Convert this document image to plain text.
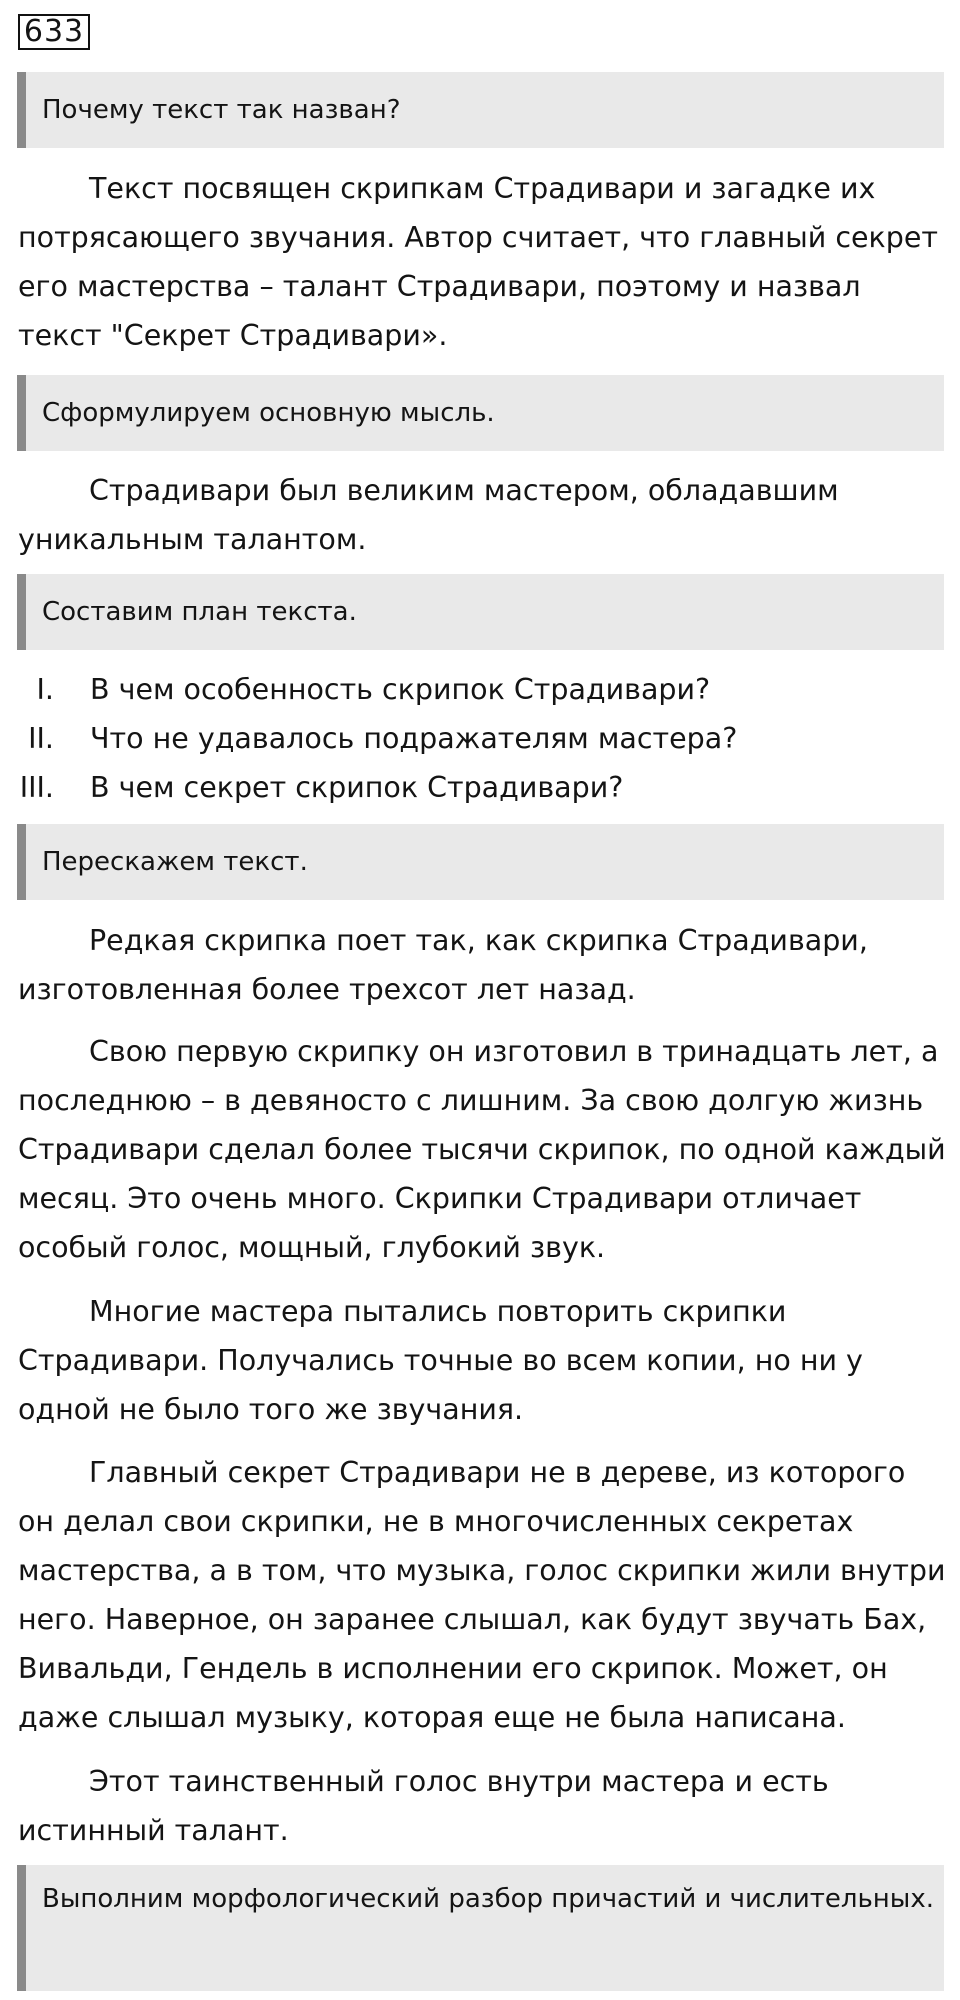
633
Почему текст так назван?

Текст посвящен скрипкам Страдивари и загадке их потрясающего звучания. Автор считает, что главный секрет его мастерства – талант Страдивари, поэтому и назвал текст "Секрет Страдивари».

Сформулируем основную мысль.

Страдивари был великим мастером, обладавшим уникальным талантом.

Составим план текста.
I.	В чем особенность скрипок Страдивари?
II.	Что не удавалось подражателям мастера?
III.	В чем секрет скрипок Страдивари?
Перескажем текст.

Редкая скрипка поет так, как скрипка Страдивари, изготовленная более трехсот лет назад.

Свою первую скрипку он изготовил в тринадцать лет, а последнюю – в девяносто с лишним. За свою долгую жизнь Страдивари сделал более тысячи скрипок, по одной каждый месяц. Это очень много. Скрипки Страдивари отличает особый голос, мощный, глубокий звук.

Многие мастера пытались повторить скрипки Страдивари. Получались точные во всем копии, но ни у одной не было того же звучания.

Главный секрет Страдивари не в дереве, из которого он делал свои скрипки, не в многочисленных секретах мастерства, а в том, что музыка, голос скрипки жили внутри него. Наверное, он заранее слышал, как будут звучать Бах, Вивальди, Гендель в исполнении его скрипок. Может, он даже слышал музыку, которая еще не была написана.

Этот таинственный голос внутри мастера и есть истинный талант.

Выполним морфологический разбор причастий и числительных.
